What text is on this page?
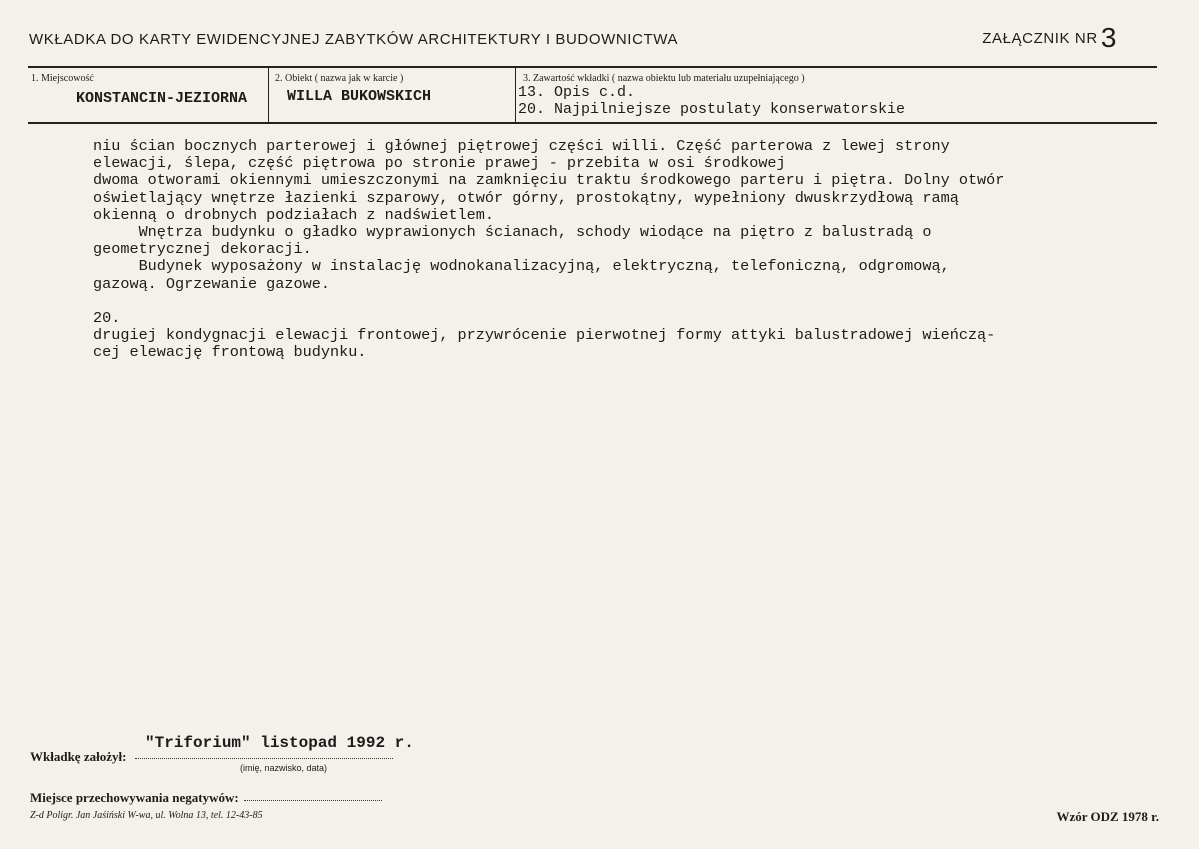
WKŁADKA DO KARTY EWIDENCYJNEJ ZABYTKÓW ARCHITEKTURY I BUDOWNICTWA	ZAŁĄCZNIK NR 3
1. Miejscowość
KONSTANCIN-JEZIORNA
2. Obiekt ( nazwa jak w karcie )
WILLA BUKOWSKICH
3. Zawartość wkładki ( nazwa obiektu lub materiału uzupełniającego )
13. Opis c.d.
20. Najpilniejsze postulaty konserwatorskie
niu ścian bocznych parterowej i głównej piętrowej części willi. Część parterowa z lewej strony
elewacji, ślepa, część piętrowa po stronie prawej - przebita w osi środkowej
dwoma otworami okiennymi umieszczonymi na zamknięciu traktu środkowego parteru i piętra. Dolny otwór
oświetlający wnętrze łazienki szparowy, otwór górny, prostokątny, wypełniony dwuskrzydłową ramą
okienną o drobnych podziałach z nadświetlem.
Wnętrza budynku o gładko wyprawionych ścianach, schody wiodące na piętro z balustradą o
geometrycznej dekoracji.
Budynek wyposażony w instalację wodnokanalizacyjną, elektryczną, telefoniczną, odgromową,
gazową. Ogrzewanie gazowe.

20.
drugiej kondygnacji elewacji frontowej, przywrócenie pierwotnej formy attyki balustradowej wieńczą-
cej elewację frontową budynku.
"Triforium" listopad 1992 r.
Wkładkę założył:
(imię, nazwisko, data)
Miejsce przechowywania negatywów:
Z-d Poligr. Jan Jaśiński W-wa, ul. Wolna 13, tel. 12-43-85	Wzór ODZ 1978 r.
